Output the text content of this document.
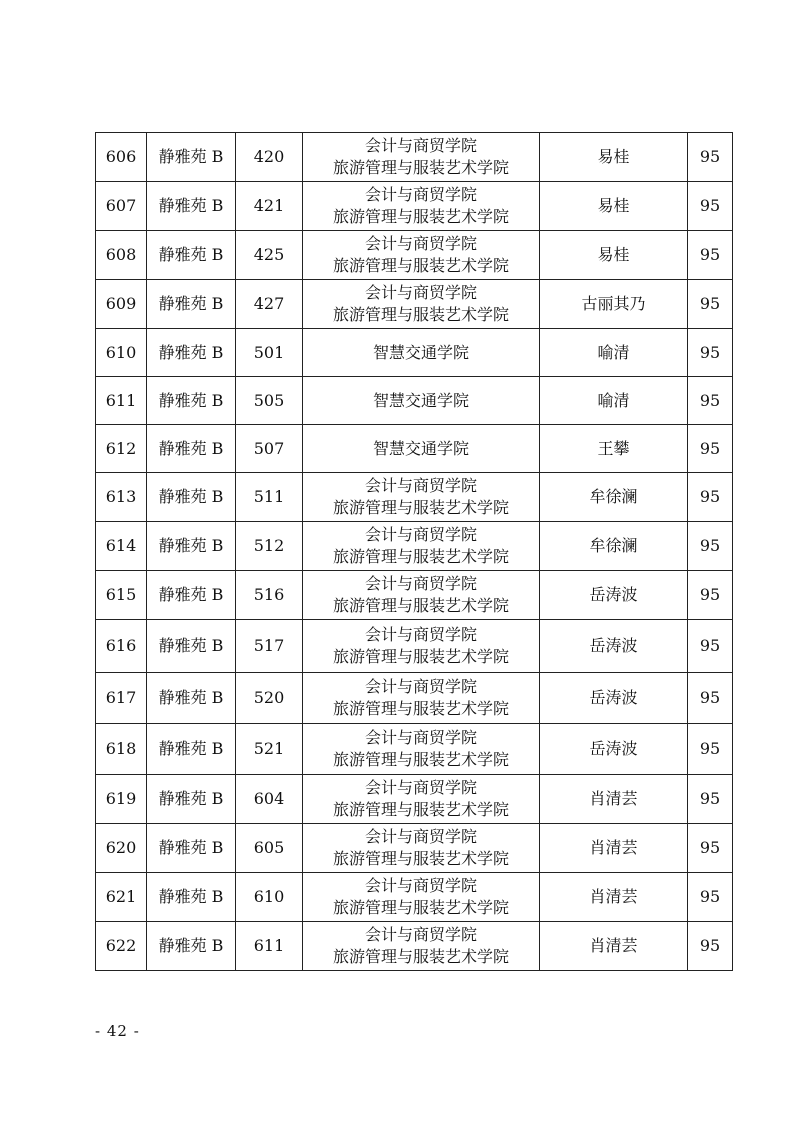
606	静雅苑 B	420	会计与商贸学院
旅游管理与服装艺术学院	易桂	95
607	静雅苑 B	421	会计与商贸学院
旅游管理与服装艺术学院	易桂	95
608	静雅苑 B	425	会计与商贸学院
旅游管理与服装艺术学院	易桂	95
609	静雅苑 B	427	会计与商贸学院
旅游管理与服装艺术学院	古丽其乃	95
610	静雅苑 B	501	智慧交通学院	喻清	95
611	静雅苑 B	505	智慧交通学院	喻清	95
612	静雅苑 B	507	智慧交通学院	王攀	95
613	静雅苑 B	511	会计与商贸学院
旅游管理与服装艺术学院	牟徐澜	95
614	静雅苑 B	512	会计与商贸学院
旅游管理与服装艺术学院	牟徐澜	95
615	静雅苑 B	516	会计与商贸学院
旅游管理与服装艺术学院	岳涛波	95
616	静雅苑 B	517	会计与商贸学院
旅游管理与服装艺术学院	岳涛波	95
617	静雅苑 B	520	会计与商贸学院
旅游管理与服装艺术学院	岳涛波	95
618	静雅苑 B	521	会计与商贸学院
旅游管理与服装艺术学院	岳涛波	95
619	静雅苑 B	604	会计与商贸学院
旅游管理与服装艺术学院	肖清芸	95
620	静雅苑 B	605	会计与商贸学院
旅游管理与服装艺术学院	肖清芸	95
621	静雅苑 B	610	会计与商贸学院
旅游管理与服装艺术学院	肖清芸	95
622	静雅苑 B	611	会计与商贸学院
旅游管理与服装艺术学院	肖清芸	95
- 42 -
